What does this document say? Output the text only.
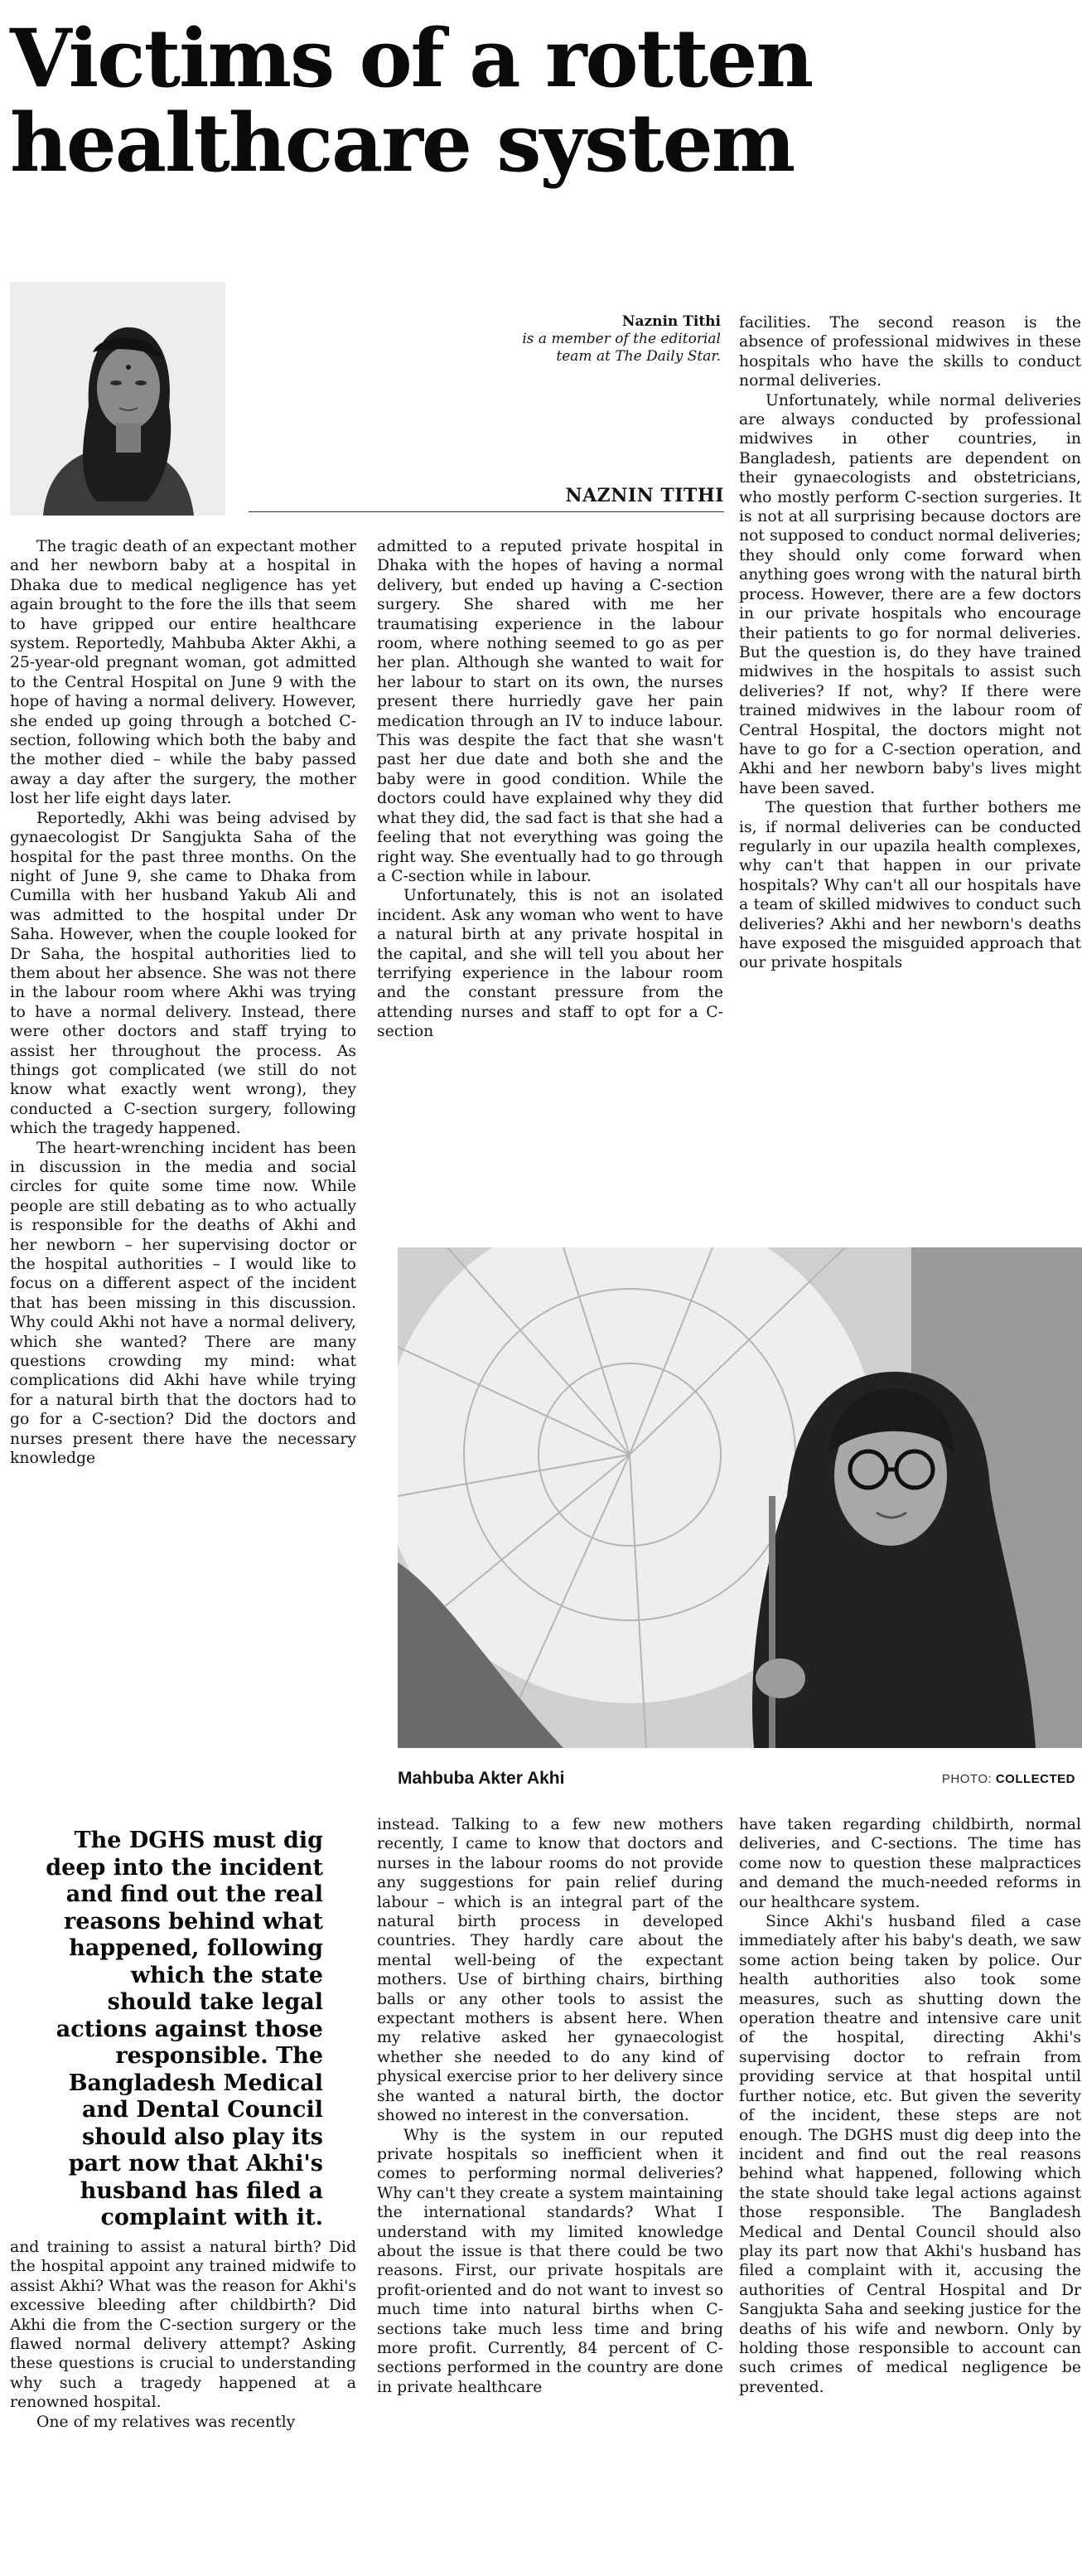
Victims of a rotten
healthcare system
Naznin Tithi
is a member of the editorial
team at The Daily Star.
NAZNIN TITHI

The tragic death of an expectant mother and her newborn baby at a hospital in Dhaka due to medical negligence has yet again brought to the fore the ills that seem to have gripped our entire healthcare system. Reportedly, Mahbuba Akter Akhi, a 25-year-old pregnant woman, got admitted to the Central Hospital on June 9 with the hope of having a normal delivery. However, she ended up going through a botched C-section, following which both the baby and the mother died – while the baby passed away a day after the surgery, the mother lost her life eight days later.

Reportedly, Akhi was being advised by gynaecologist Dr Sangjukta Saha of the hospital for the past three months. On the night of June 9, she came to Dhaka from Cumilla with her husband Yakub Ali and was admitted to the hospital under Dr Saha. However, when the couple looked for Dr Saha, the hospital authorities lied to them about her absence. She was not there in the labour room where Akhi was trying to have a normal delivery. Instead, there were other doctors and staff trying to assist her throughout the process. As things got complicated (we still do not know what exactly went wrong), they conducted a C-section surgery, following which the tragedy happened.

The heart-wrenching incident has been in discussion in the media and social circles for quite some time now. While people are still debating as to who actually is responsible for the deaths of Akhi and her newborn – her supervising doctor or the hospital authorities – I would like to focus on a different aspect of the incident that has been missing in this discussion. Why could Akhi not have a normal delivery, which she wanted? There are many questions crowding my mind: what complications did Akhi have while trying for a natural birth that the doctors had to go for a C-section? Did the doctors and nurses present there have the necessary knowledge

admitted to a reputed private hospital in Dhaka with the hopes of having a normal delivery, but ended up having a C-section surgery. She shared with me her traumatising experience in the labour room, where nothing seemed to go as per her plan. Although she wanted to wait for her labour to start on its own, the nurses present there hurriedly gave her pain medication through an IV to induce labour. This was despite the fact that she wasn't past her due date and both she and the baby were in good condition. While the doctors could have explained why they did what they did, the sad fact is that she had a feeling that not everything was going the right way. She eventually had to go through a C-section while in labour.

Unfortunately, this is not an isolated incident. Ask any woman who went to have a natural birth at any private hospital in the capital, and she will tell you about her terrifying experience in the labour room and the constant pressure from the attending nurses and staff to opt for a C-section

facilities. The second reason is the absence of professional midwives in these hospitals who have the skills to conduct normal deliveries.

Unfortunately, while normal deliveries are always conducted by professional midwives in other countries, in Bangladesh, patients are dependent on their gynaecologists and obstetricians, who mostly perform C-section surgeries. It is not at all surprising because doctors are not supposed to conduct normal deliveries; they should only come forward when anything goes wrong with the natural birth process. However, there are a few doctors in our private hospitals who encourage their patients to go for normal deliveries. But the question is, do they have trained midwives in the hospitals to assist such deliveries? If not, why? If there were trained midwives in the labour room of Central Hospital, the doctors might not have to go for a C-section operation, and Akhi and her newborn baby's lives might have been saved.

The question that further bothers me is, if normal deliveries can be conducted regularly in our upazila health complexes, why can't that happen in our private hospitals? Why can't all our hospitals have a team of skilled midwives to conduct such deliveries? Akhi and her newborn's deaths have exposed the misguided approach that our private hospitals

Mahbuba Akter Akhi	PHOTO: COLLECTED
The DGHS must dig deep into the incident and find out the real reasons behind what happened, following which the state should take legal actions against those responsible. The Bangladesh Medical and Dental Council should also play its part now that Akhi's husband has filed a complaint with it.

and training to assist a natural birth? Did the hospital appoint any trained midwife to assist Akhi? What was the reason for Akhi's excessive bleeding after childbirth? Did Akhi die from the C-section surgery or the flawed normal delivery attempt? Asking these questions is crucial to understanding why such a tragedy happened at a renowned hospital.

One of my relatives was recently

instead. Talking to a few new mothers recently, I came to know that doctors and nurses in the labour rooms do not provide any suggestions for pain relief during labour – which is an integral part of the natural birth process in developed countries. They hardly care about the mental well-being of the expectant mothers. Use of birthing chairs, birthing balls or any other tools to assist the expectant mothers is absent here. When my relative asked her gynaecologist whether she needed to do any kind of physical exercise prior to her delivery since she wanted a natural birth, the doctor showed no interest in the conversation.

Why is the system in our reputed private hospitals so inefficient when it comes to performing normal deliveries? Why can't they create a system maintaining the international standards? What I understand with my limited knowledge about the issue is that there could be two reasons. First, our private hospitals are profit-oriented and do not want to invest so much time into natural births when C-sections take much less time and bring more profit. Currently, 84 percent of C-sections performed in the country are done in private healthcare

have taken regarding childbirth, normal deliveries, and C-sections. The time has come now to question these malpractices and demand the much-needed reforms in our healthcare system.

Since Akhi's husband filed a case immediately after his baby's death, we saw some action being taken by police. Our health authorities also took some measures, such as shutting down the operation theatre and intensive care unit of the hospital, directing Akhi's supervising doctor to refrain from providing service at that hospital until further notice, etc. But given the severity of the incident, these steps are not enough. The DGHS must dig deep into the incident and find out the real reasons behind what happened, following which the state should take legal actions against those responsible. The Bangladesh Medical and Dental Council should also play its part now that Akhi's husband has filed a complaint with it, accusing the authorities of Central Hospital and Dr Sangjukta Saha and seeking justice for the deaths of his wife and newborn. Only by holding those responsible to account can such crimes of medical negligence be prevented.
